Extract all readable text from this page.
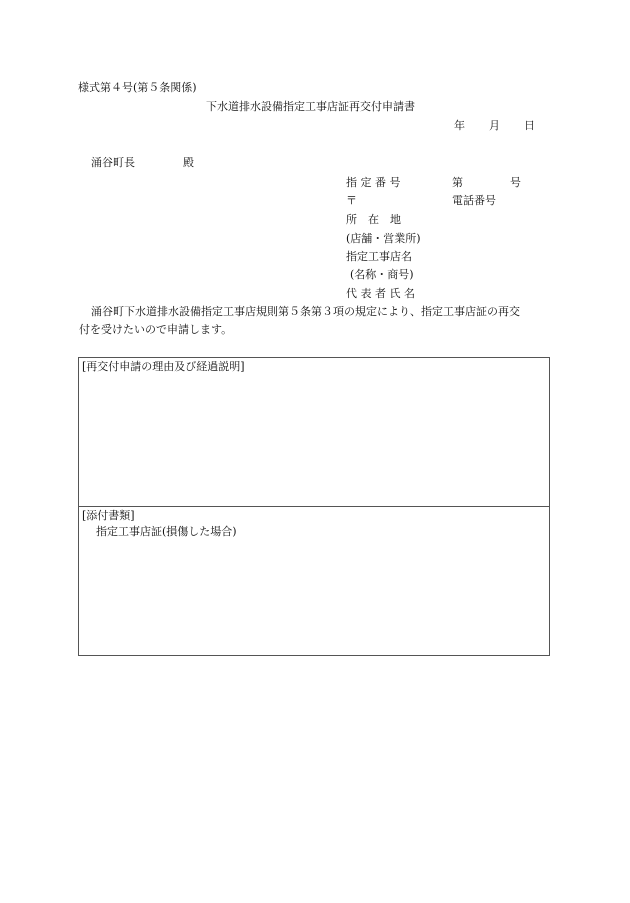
様式第４号(第５条関係)
下水道排水設備指定工事店証再交付申請書
年 月 日
涌谷町長	殿
指 定 番 号	第	号
〒	電話番号
所　在　地
(店舗・営業所)
指定工事店名
(名称・商号)
代 表 者 氏 名
涌谷町下水道排水設備指定工事店規則第５条第３項の規定により、指定工事店証の再交
付を受けたいので申請します。
[再交付申請の理由及び経過説明]
[添付書類]
指定工事店証(損傷した場合)
